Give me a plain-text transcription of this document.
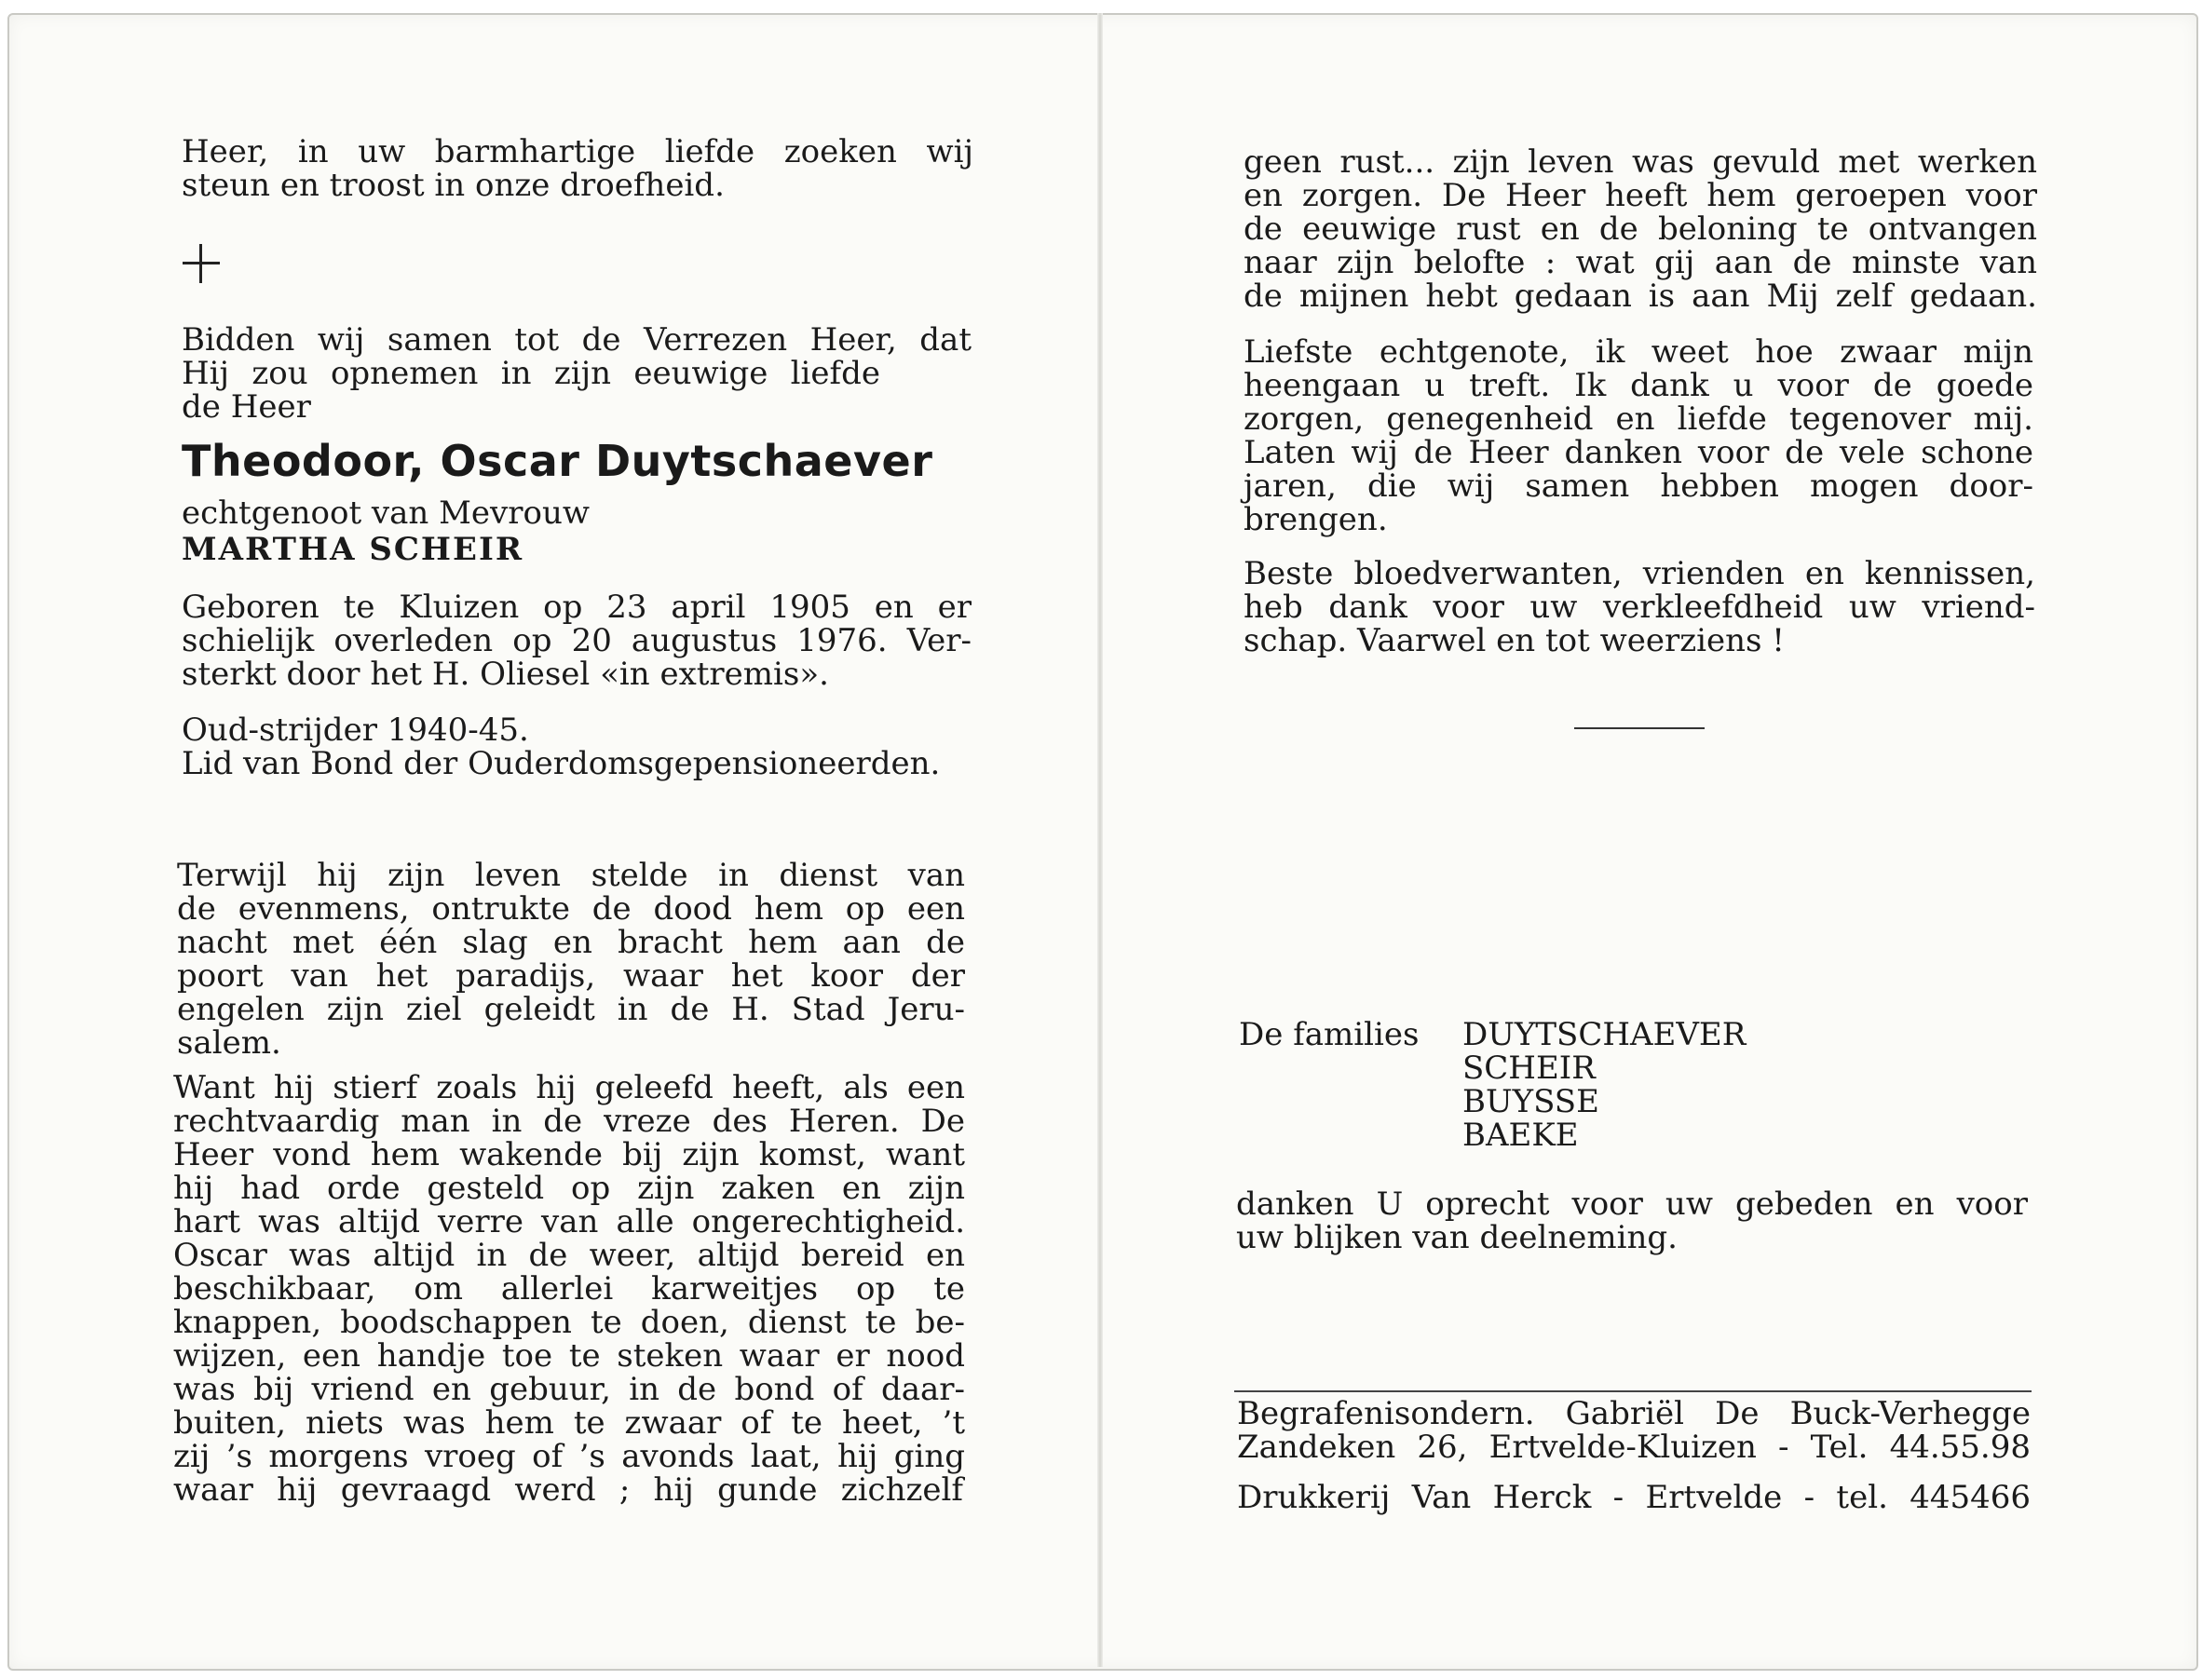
Heer, in uw barmhartige liefde zoeken wij
steun en troost in onze droefheid.
Bidden wij samen tot de Verrezen Heer, dat
Hij zou opnemen in zijn eeuwige liefde
de Heer
Theodoor, Oscar Duytschaever
echtgenoot van Mevrouw
MARTHA SCHEIR
Geboren te Kluizen op 23 april 1905 en er
schielijk overleden op 20 augustus 1976. Ver-
sterkt door het H. Oliesel «in extremis».
Oud-strijder 1940-45.
Lid van Bond der Ouderdomsgepensioneerden.
Terwijl hij zijn leven stelde in dienst van
de evenmens, ontrukte de dood hem op een
nacht met één slag en bracht hem aan de
poort van het paradijs, waar het koor der
engelen zijn ziel geleidt in de H. Stad Jeru-
salem.
Want hij stierf zoals hij geleefd heeft, als een
rechtvaardig man in de vreze des Heren. De
Heer vond hem wakende bij zijn komst, want
hij had orde gesteld op zijn zaken en zijn
hart was altijd verre van alle ongerechtigheid.
Oscar was altijd in de weer, altijd bereid en
beschikbaar, om allerlei karweitjes op te
knappen, boodschappen te doen, dienst te be-
wijzen, een handje toe te steken waar er nood
was bij vriend en gebuur, in de bond of daar-
buiten, niets was hem te zwaar of te heet, ’t
zij ’s morgens vroeg of ’s avonds laat, hij ging
waar hij gevraagd werd ; hij gunde zichzelf
geen rust... zijn leven was gevuld met werken
en zorgen. De Heer heeft hem geroepen voor
de eeuwige rust en de beloning te ontvangen
naar zijn belofte : wat gij aan de minste van
de mijnen hebt gedaan is aan Mij zelf gedaan.
Liefste echtgenote, ik weet hoe zwaar mijn
heengaan u treft. Ik dank u voor de goede
zorgen, genegenheid en liefde tegenover mij.
Laten wij de Heer danken voor de vele schone
jaren, die wij samen hebben mogen door-
brengen.
Beste bloedverwanten, vrienden en kennissen,
heb dank voor uw verkleefdheid uw vriend-
schap. Vaarwel en tot weerziens !
De families DUYTSCHAEVER
SCHEIR
BUYSSE
BAEKE
danken U oprecht voor uw gebeden en voor
uw blijken van deelneming.
Begrafenisondern. Gabriël De Buck-Verhegge
Zandeken 26, Ertvelde-Kluizen - Tel. 44.55.98
Drukkerij Van Herck - Ertvelde - tel. 445466
